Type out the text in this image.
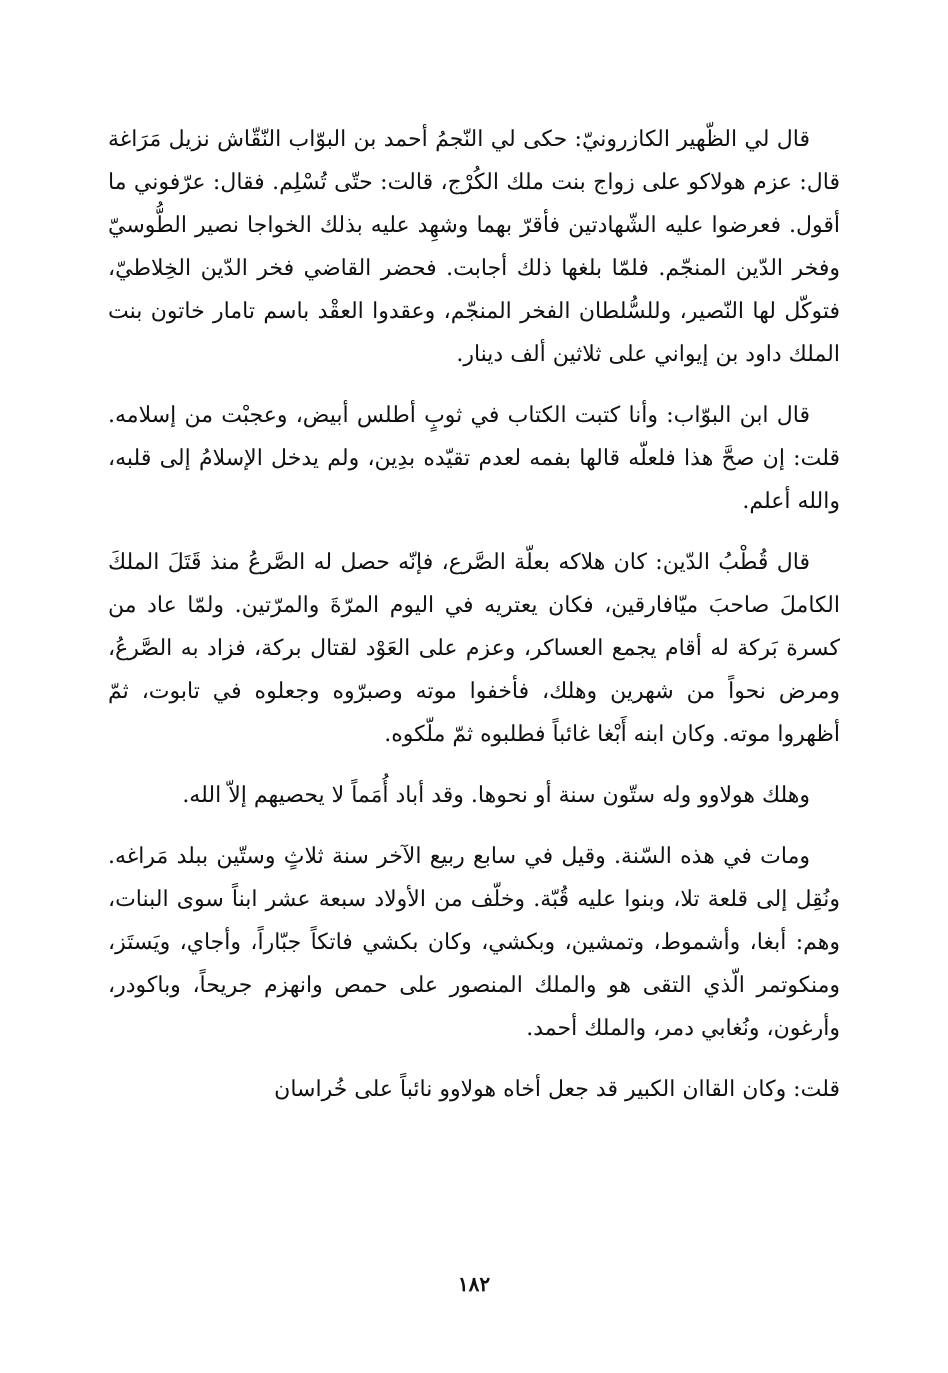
قال لي الظّهير الكازرونيّ: حكى لي النّجمُ أحمد بن البوّاب النّقّاش نزيل مَرَاغة قال: عزم هولاكو على زواج بنت ملك الكُرْج، قالت: حتّى تُسْلِم. فقال: عرّفوني ما أقول. فعرضوا عليه الشّهادتين فأقرّ بهما وشهِد عليه بذلك الخواجا نصير الطُّوسيّ وفخر الدّين المنجّم. فلمّا بلغها ذلك أجابت. فحضر القاضي فخر الدّين الخِلاطيّ، فتوكّل لها النّصير، وللسُّلطان الفخر المنجّم، وعقدوا العقْد باسم تامار خاتون بنت الملك داود بن إيواني على ثلاثين ألف دينار.

قال ابن البوّاب: وأنا كتبت الكتاب في ثوبٍ أطلس أبيض، وعجبْت من إسلامه. قلت: إن صحَّ هذا فلعلّه قالها بفمه لعدم تقيّده بدِين، ولم يدخل الإسلامُ إلى قلبه، والله أعلم.

قال قُطْبُ الدّين: كان هلاكه بعلّة الصَّرع، فإنّه حصل له الصَّرعُ منذ قَتَلَ الملكَ الكاملَ صاحبَ ميّافارقين، فكان يعتريه في اليوم المرّةَ والمرّتين. ولمّا عاد من كسرة بَركة له أقام يجمع العساكر، وعزم على العَوْد لقتال بركة، فزاد به الصَّرعُ، ومرض نحواً من شهرين وهلك، فأخفوا موته وصبرّوه وجعلوه في تابوت، ثمّ أظهروا موته. وكان ابنه أَبْغا غائباً فطلبوه ثمّ ملّكوه.

وهلك هولاوو وله ستّون سنة أو نحوها. وقد أباد أُمَماً لا يحصيهم إلاّ الله.

ومات في هذه السّنة. وقيل في سابع ربيع الآخر سنة ثلاثٍ وستّين ببلد مَراغه. ونُقِل إلى قلعة تلا، وبنوا عليه قُبّة. وخلّف من الأولاد سبعة عشر ابناً سوى البنات، وهم: أبغا، وأشموط، وتمشين، وبكشي، وكان بكشي فاتكاً جبّاراً، وأجاي، ويَستَز، ومنكوتمر الّذي التقى هو والملك المنصور على حمص وانهزم جريحاً، وباكودر، وأرغون، ونُغابي دمر، والملك أحمد.

قلت: وكان القاان الكبير قد جعل أخاه هولاوو نائباً على خُراسان

١٨٢
